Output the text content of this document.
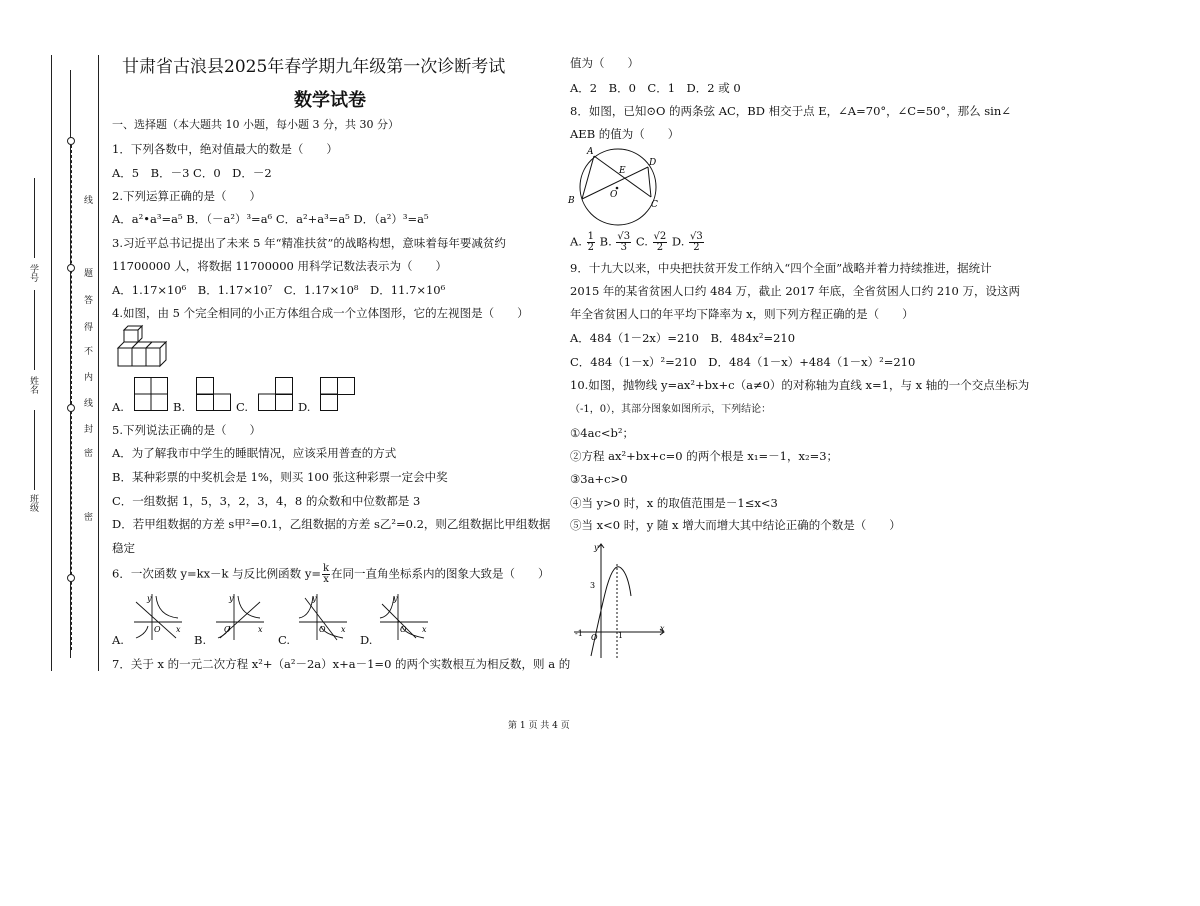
学号
姓名
班级
线
题
答
得
不
内
线
封
密
密
甘肃省古浪县2025年春学期九年级第一次诊断考试
数学试卷
一、选择题（本大题共 10 小题，每小题 3 分，共 30 分）
1．下列各数中，绝对值最大的数是（　　）
A．5　B．－3 C．0　D．－2
2.下列运算正确的是（　　）
A．a²•a³=a⁵ B．（－a²）³=a⁶ C．a²+a³=a⁵ D．（a²）³=a⁵
3.习近平总书记提出了未来 5 年“精准扶贫”的战略构想，意味着每年要减贫约
11700000 人，将数据 11700000 用科学记数法表示为（　　）
A．1.17×10⁶　B．1.17×10⁷　C．1.17×10⁸　D．11.7×10⁶
4.如图，由 5 个完全相同的小正方体组合成一个立体图形，它的左视图是（　　）
A.	B.	C.	D.
5.下列说法正确的是（　　）
A．为了解我市中学生的睡眠情况，应该采用普查的方式
B．某种彩票的中奖机会是 1%，则买 100 张这种彩票一定会中奖
C．一组数据 1，5，3，2，3，4，8 的众数和中位数都是 3
D．若甲组数据的方差 s甲²=0.1，乙组数据的方差 s乙²=0.2，则乙组数据比甲组数据
稳定
6．一次函数 y=kx－k 与反比例函数 $y= \frac{k}{x}$ 在同一直角坐标系内的图象大致是（　　）
A.
y
x
O
B.
y
x
O
C.
y
x
O
D.
y
x
O
7．关于 x 的一元二次方程 x²+（a²－2a）x+a－1=0 的两个实数根互为相反数，则 a 的
值为（　　）
A．2　B．0　C．1　D．2 或 0
8．如图，已知⊙O 的两条弦 AC，BD 相交于点 E，∠A=70°，∠C=50°，那么 sin∠
AEB 的值为（　　）
A
B	C
D
E
O
A. $\frac{1}{2} B$. $\frac{√3}{3} C$. $\frac{√2}{2} D$. $\frac{√3}{2}$
9．十九大以来，中央把扶贫开发工作纳入“四个全面”战略并着力持续推进，据统计
2015 年的某省贫困人口约 484 万，截止 2017 年底，全省贫困人口约 210 万，设这两
年全省贫困人口的年平均下降率为 x，则下列方程正确的是（　　）
A．484（1－2x）=210　B．484x²=210
C．484（1－x）²=210　D．484（1－x）+484（1－x）²=210
10.如图，抛物线 y=ax²+bx+c（a≠0）的对称轴为直线 x=1，与 x 轴的一个交点坐标为
（-1，0），其部分图象如图所示，下列结论：
①4ac<b²；
②方程 ax²+bx+c=0 的两个根是 x₁=－1，x₂=3；
③3a+c>0
④当 y>0 时，x 的取值范围是－1≤x<3
⑤当 x<0 时，y 随 x 增大而增大其中结论正确的个数是（　　）
y
x
3
-1 O	1
第 1 页 共 4 页
